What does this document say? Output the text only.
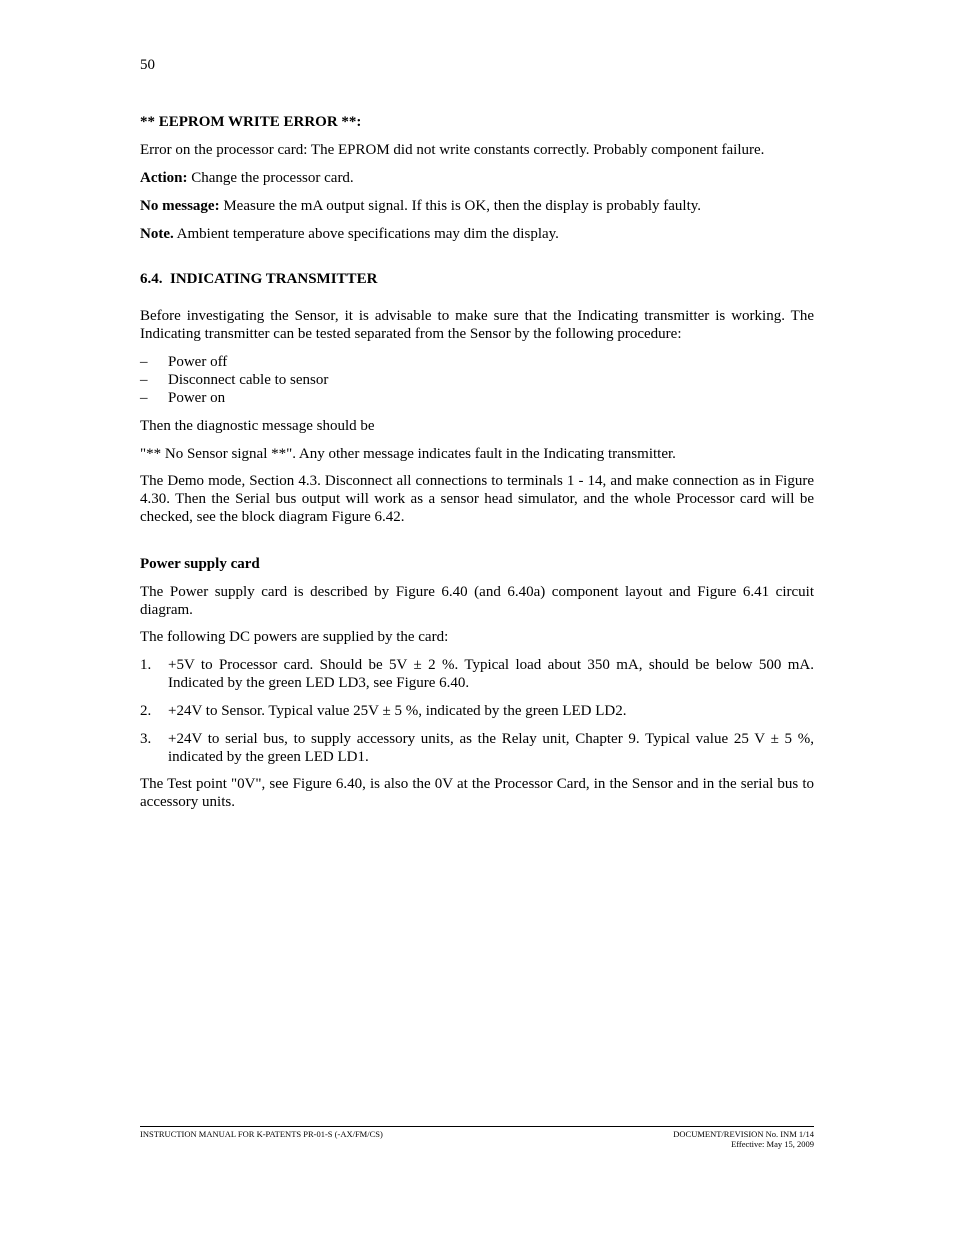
50
** EEPROM WRITE ERROR **:
Error on the processor card: The EPROM did not write constants correctly. Probably component failure.
Action: Change the processor card.
No message: Measure the mA output signal. If this is OK, then the display is probably faulty.
Note. Ambient temperature above specifications may dim the display.
6.4.  INDICATING TRANSMITTER
Before investigating the Sensor, it is advisable to make sure that the Indicating transmitter is working. The Indicating transmitter can be tested separated from the Sensor by the following procedure:
– Power off
– Disconnect cable to sensor
– Power on
Then the diagnostic message should be
"** No Sensor signal **". Any other message indicates fault in the Indicating transmitter.
The Demo mode, Section 4.3. Disconnect all connections to terminals 1 - 14, and make connection as in Figure 4.30. Then the Serial bus output will work as a sensor head simulator, and the whole Processor card will be checked, see the block diagram Figure 6.42.
Power supply card
The Power supply card is described by Figure 6.40 (and 6.40a) component layout and Figure 6.41 circuit diagram.
The following DC powers are supplied by the card:
1. +5V to Processor card. Should be 5V ± 2 %. Typical load about 350 mA, should be below 500 mA. Indicated by the green LED LD3, see Figure 6.40.
2. +24V to Sensor. Typical value 25V ± 5 %, indicated by the green LED LD2.
3. +24V to serial bus, to supply accessory units, as the Relay unit, Chapter 9. Typical value 25 V ± 5 %, indicated by the green LED LD1.
The Test point "0V", see Figure 6.40, is also the 0V at the Processor Card, in the Sensor and in the serial bus to accessory units.
INSTRUCTION MANUAL FOR K-PATENTS PR-01-S (-AX/FM/CS)	DOCUMENT/REVISION No. INM 1/14
Effective: May 15, 2009
